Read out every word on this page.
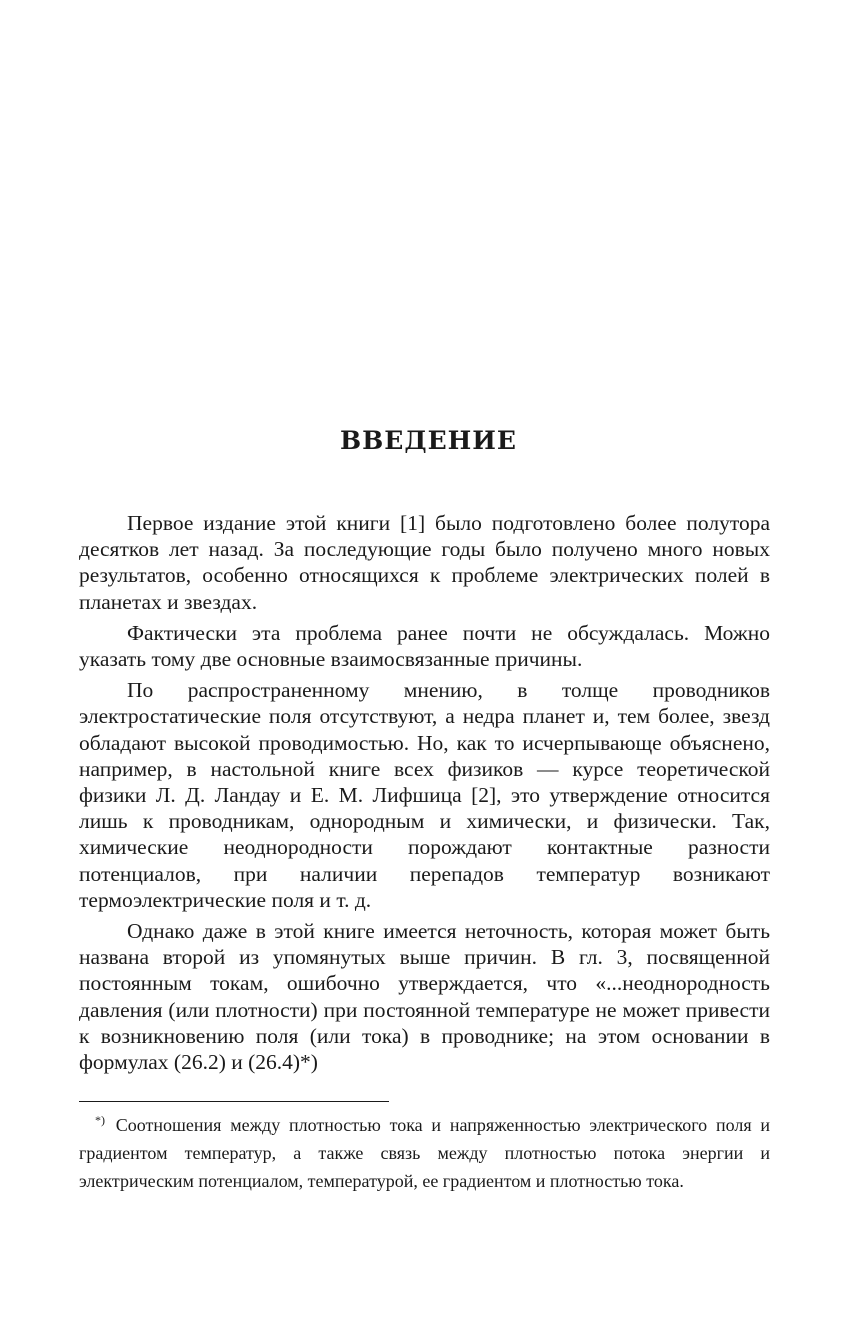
ВВЕДЕНИЕ

Первое издание этой книги [1] было подготовлено более полутора десятков лет назад. За последующие годы было получено много новых результатов, особенно относящихся к проблеме электрических полей в планетах и звездах.

Фактически эта проблема ранее почти не обсуждалась. Можно указать тому две основные взаимосвязанные причины.

По распространенному мнению, в толще проводников электростатические поля отсутствуют, а недра планет и, тем более, звезд обладают высокой проводимостью. Но, как то исчерпывающе объяснено, например, в настольной книге всех физиков — курсе теоретической физики Л. Д. Ландау и Е. М. Лифшица [2], это утверждение относится лишь к проводникам, однородным и химически, и физически. Так, химические неоднородности порождают контактные разности потенциалов, при наличии перепадов температур возникают термоэлектрические поля и т. д.

Однако даже в этой книге имеется неточность, которая может быть названа второй из упомянутых выше причин. В гл. 3, посвященной постоянным токам, ошибочно утверждается, что «...неоднородность давления (или плотности) при постоянной температуре не может привести к возникновению поля (или тока) в проводнике; на этом основании в формулах (26.2) и (26.4)*)

*) Соотношения между плотностью тока и напряженностью электрического поля и градиентом температур, а также связь между плотностью потока энергии и электрическим потенциалом, температурой, ее градиентом и плотностью тока.
